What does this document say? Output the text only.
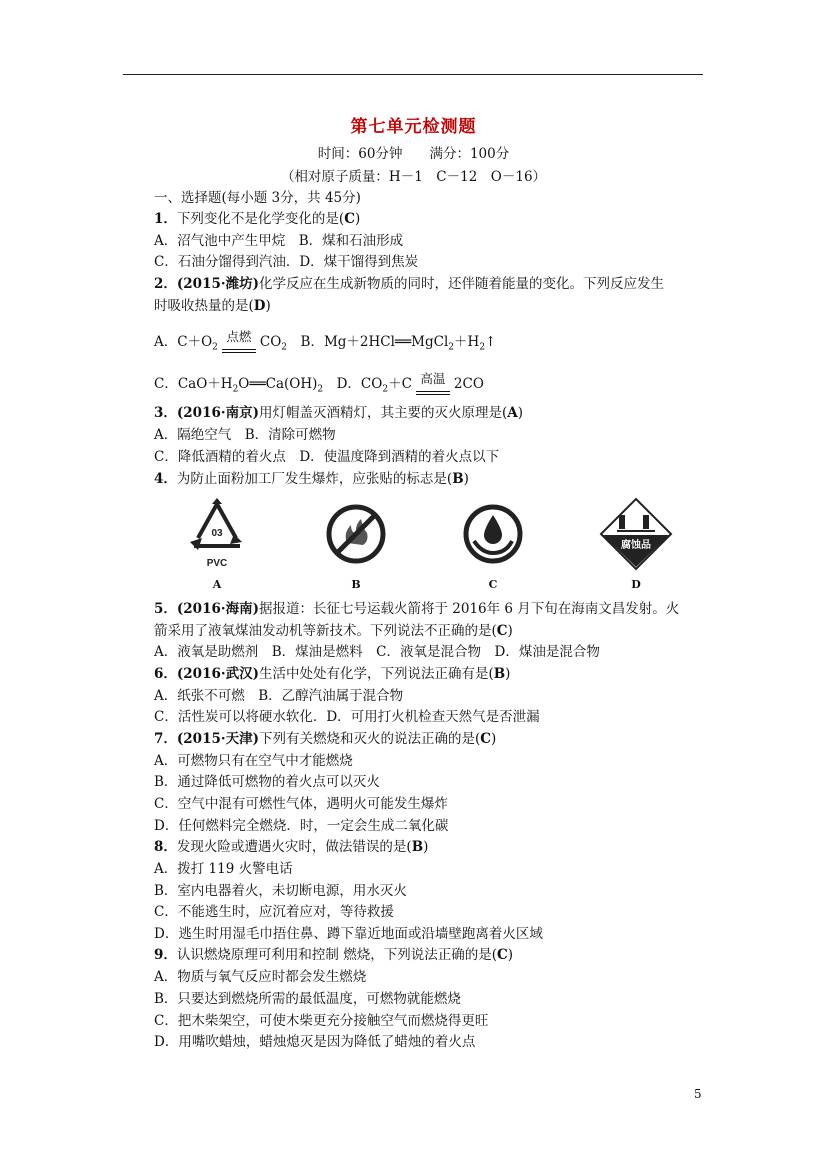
第七单元检测题
时间：60分钟　　满分：100分
（相对原子质量：H－1　C－12　O－16）
一、选择题(每小题 3分，共 45分)
1．下列变化不是化学变化的是(C)
A．沼气池中产生甲烷　B．煤和石油形成
C．石油分馏得到汽油．D．煤干馏得到焦炭
2．(2015·潍坊)化学反应在生成新物质的同时，还伴随着能量的变化。下列反应发生
时吸收热量的是(D)
A．$C+O_2$
点燃 $CO_2$　 B．$Mg+2HCl══MgCl_2+H_2↑$
C．$CaO+H_2O══Ca(OH)_2$　 D．$CO_2+C$ 高温 2CO
3．(2016·南京)用灯帽盖灭酒精灯，其主要的灭火原理是(A)
A．隔绝空气　B．清除可燃物
C．降低酒精的着火点　D．使温度降到酒精的着火点以下
4．为防止面粉加工厂发生爆炸，应张贴的标志是(B)
03
PVC
腐蚀品
A	B	C	D
5．(2016·海南)据报道：长征七号运载火箭将于 2016年 6 月下旬在海南文昌发射。火
箭采用了液氧煤油发动机等新技术。下列说法不正确的是(C)
A．液氧是助燃剂　B．煤油是燃料　C．液氧是混合物　D．煤油是混合物
6．(2016·武汉)生活中处处有化学，下列说法正确有是(B)
A．纸张不可燃　B．乙醇汽油属于混合物
C．活性炭可以将硬水软化．D．可用打火机检查天然气是否泄漏
7．(2015·天津)下列有关燃烧和灭火的说法正确的是(C)
A．可燃物只有在空气中才能燃烧
B．通过降低可燃物的着火点可以灭火
C．空气中混有可燃性气体，遇明火可能发生爆炸
D．任何燃料完全燃烧．时，一定会生成二氧化碳
8．发现火险或遭遇火灾时，做法错误的是(B)
A．拨打 119 火警电话
B．室内电器着火，未切断电源，用水灭火
C．不能逃生时，应沉着应对，等待救援
D．逃生时用湿毛巾捂住鼻、蹲下靠近地面或沿墙壁跑离着火区域
9．认识燃烧原理可利用和控制 燃烧，下列说法正确的是(C)
A．物质与氧气反应时都会发生燃烧
B．只要达到燃烧所需的最低温度，可燃物就能燃烧
C．把木柴架空，可使木柴更充分接触空气而燃烧得更旺
D．用嘴吹蜡烛，蜡烛熄灭是因为降低了蜡烛的着火点
5
